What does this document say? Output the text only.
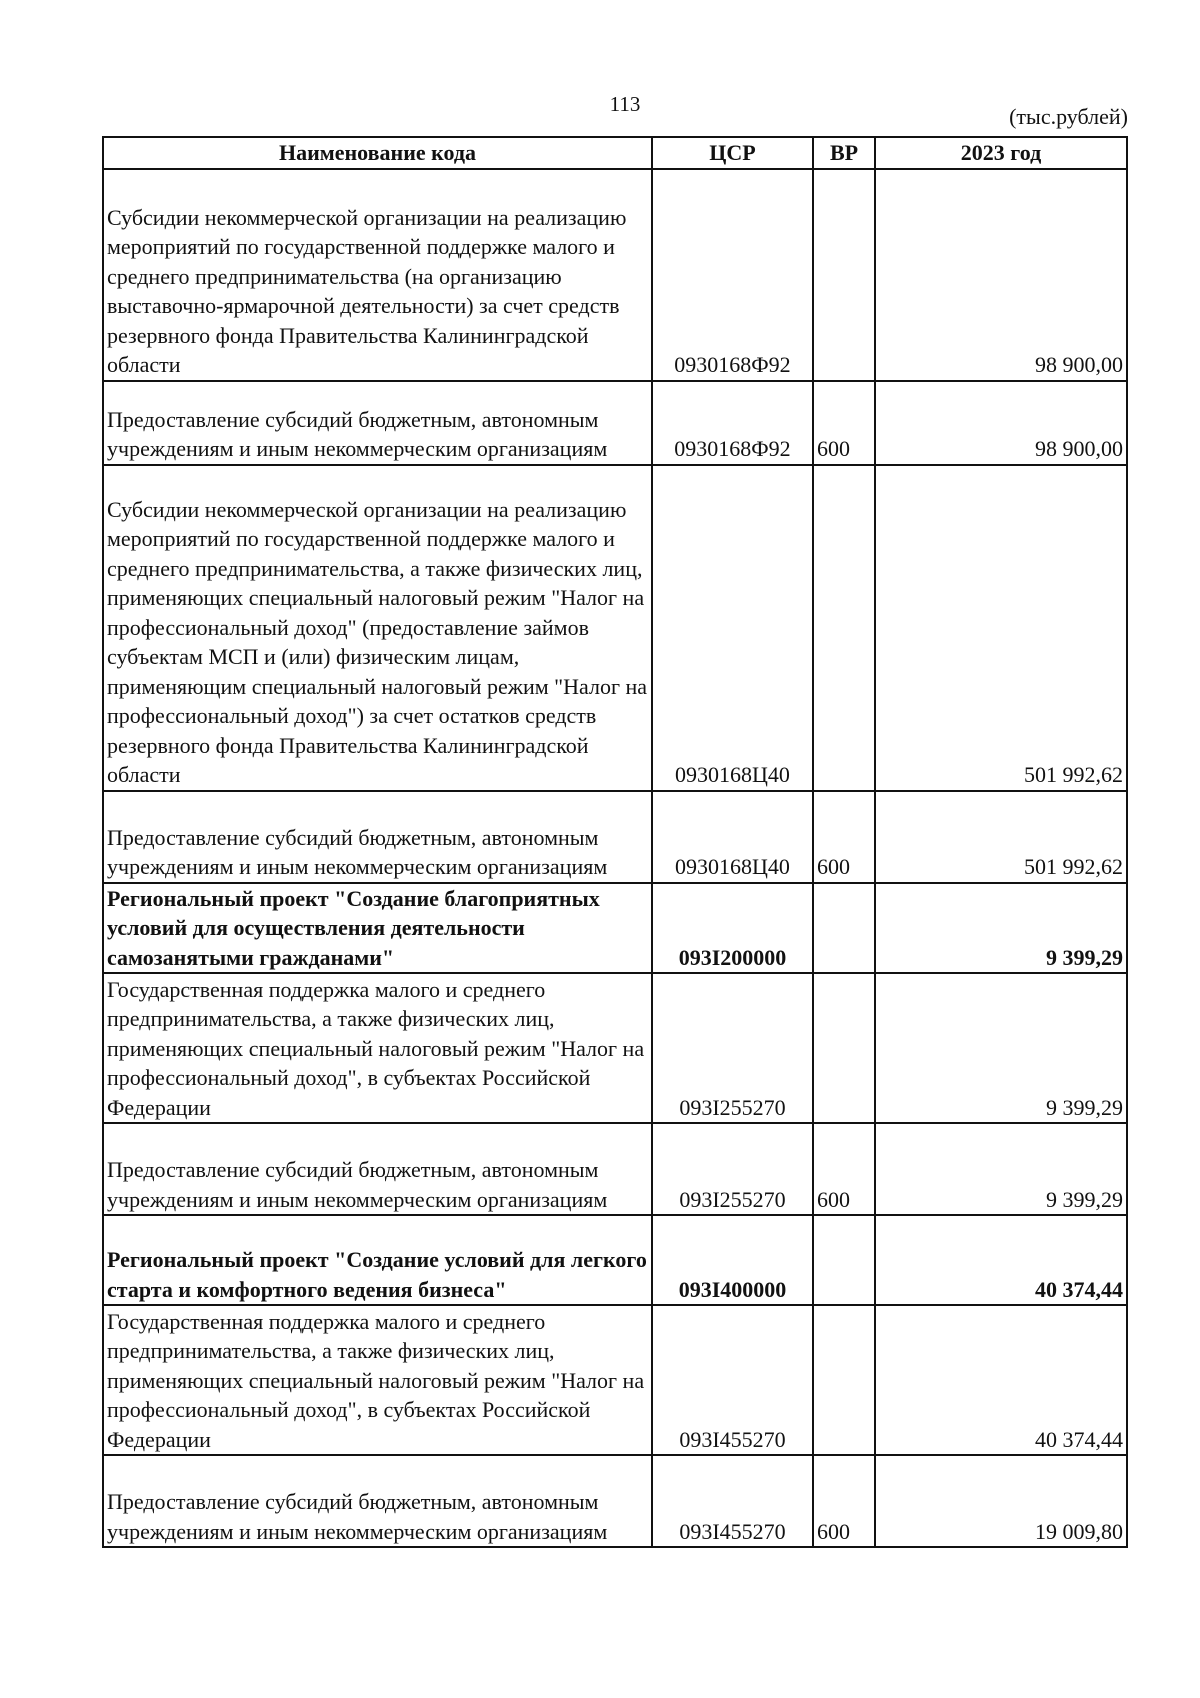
113	(тыс.рублей)
Наименование кода	ЦСР	ВР	2023 год
Субсидии некоммерческой организации на реализацию мероприятий по государственной поддержке малого и среднего предпринимательства (на организацию выставочно-ярмарочной деятельности) за счет средств резервного фонда Правительства Калининградской области	0930168Ф92		98 900,00
Предоставление субсидий бюджетным, автономным учреждениям и иным некоммерческим организациям	0930168Ф92	600	98 900,00
Субсидии некоммерческой организации на реализацию мероприятий по государственной поддержке малого и среднего предпринимательства, а также физических лиц, применяющих специальный налоговый режим "Налог на профессиональный доход" (предоставление займов субъектам МСП и (или) физическим лицам, применяющим специальный налоговый режим "Налог на профессиональный доход") за счет остатков средств резервного фонда Правительства Калининградской области	0930168Ц40		501 992,62
Предоставление субсидий бюджетным, автономным учреждениям и иным некоммерческим организациям	0930168Ц40	600	501 992,62
Региональный проект "Создание благоприятных условий для осуществления деятельности самозанятыми гражданами"	093I200000		9 399,29
Государственная поддержка малого и среднего предпринимательства, а также физических лиц, применяющих специальный налоговый режим "Налог на профессиональный доход", в субъектах Российской Федерации	093I255270		9 399,29
Предоставление субсидий бюджетным, автономным учреждениям и иным некоммерческим организациям	093I255270	600	9 399,29
Региональный проект "Создание условий для легкого старта и комфортного ведения бизнеса"	093I400000		40 374,44
Государственная поддержка малого и среднего предпринимательства, а также физических лиц, применяющих специальный налоговый режим "Налог на профессиональный доход", в субъектах Российской Федерации	093I455270		40 374,44
Предоставление субсидий бюджетным, автономным учреждениям и иным некоммерческим организациям	093I455270	600	19 009,80
